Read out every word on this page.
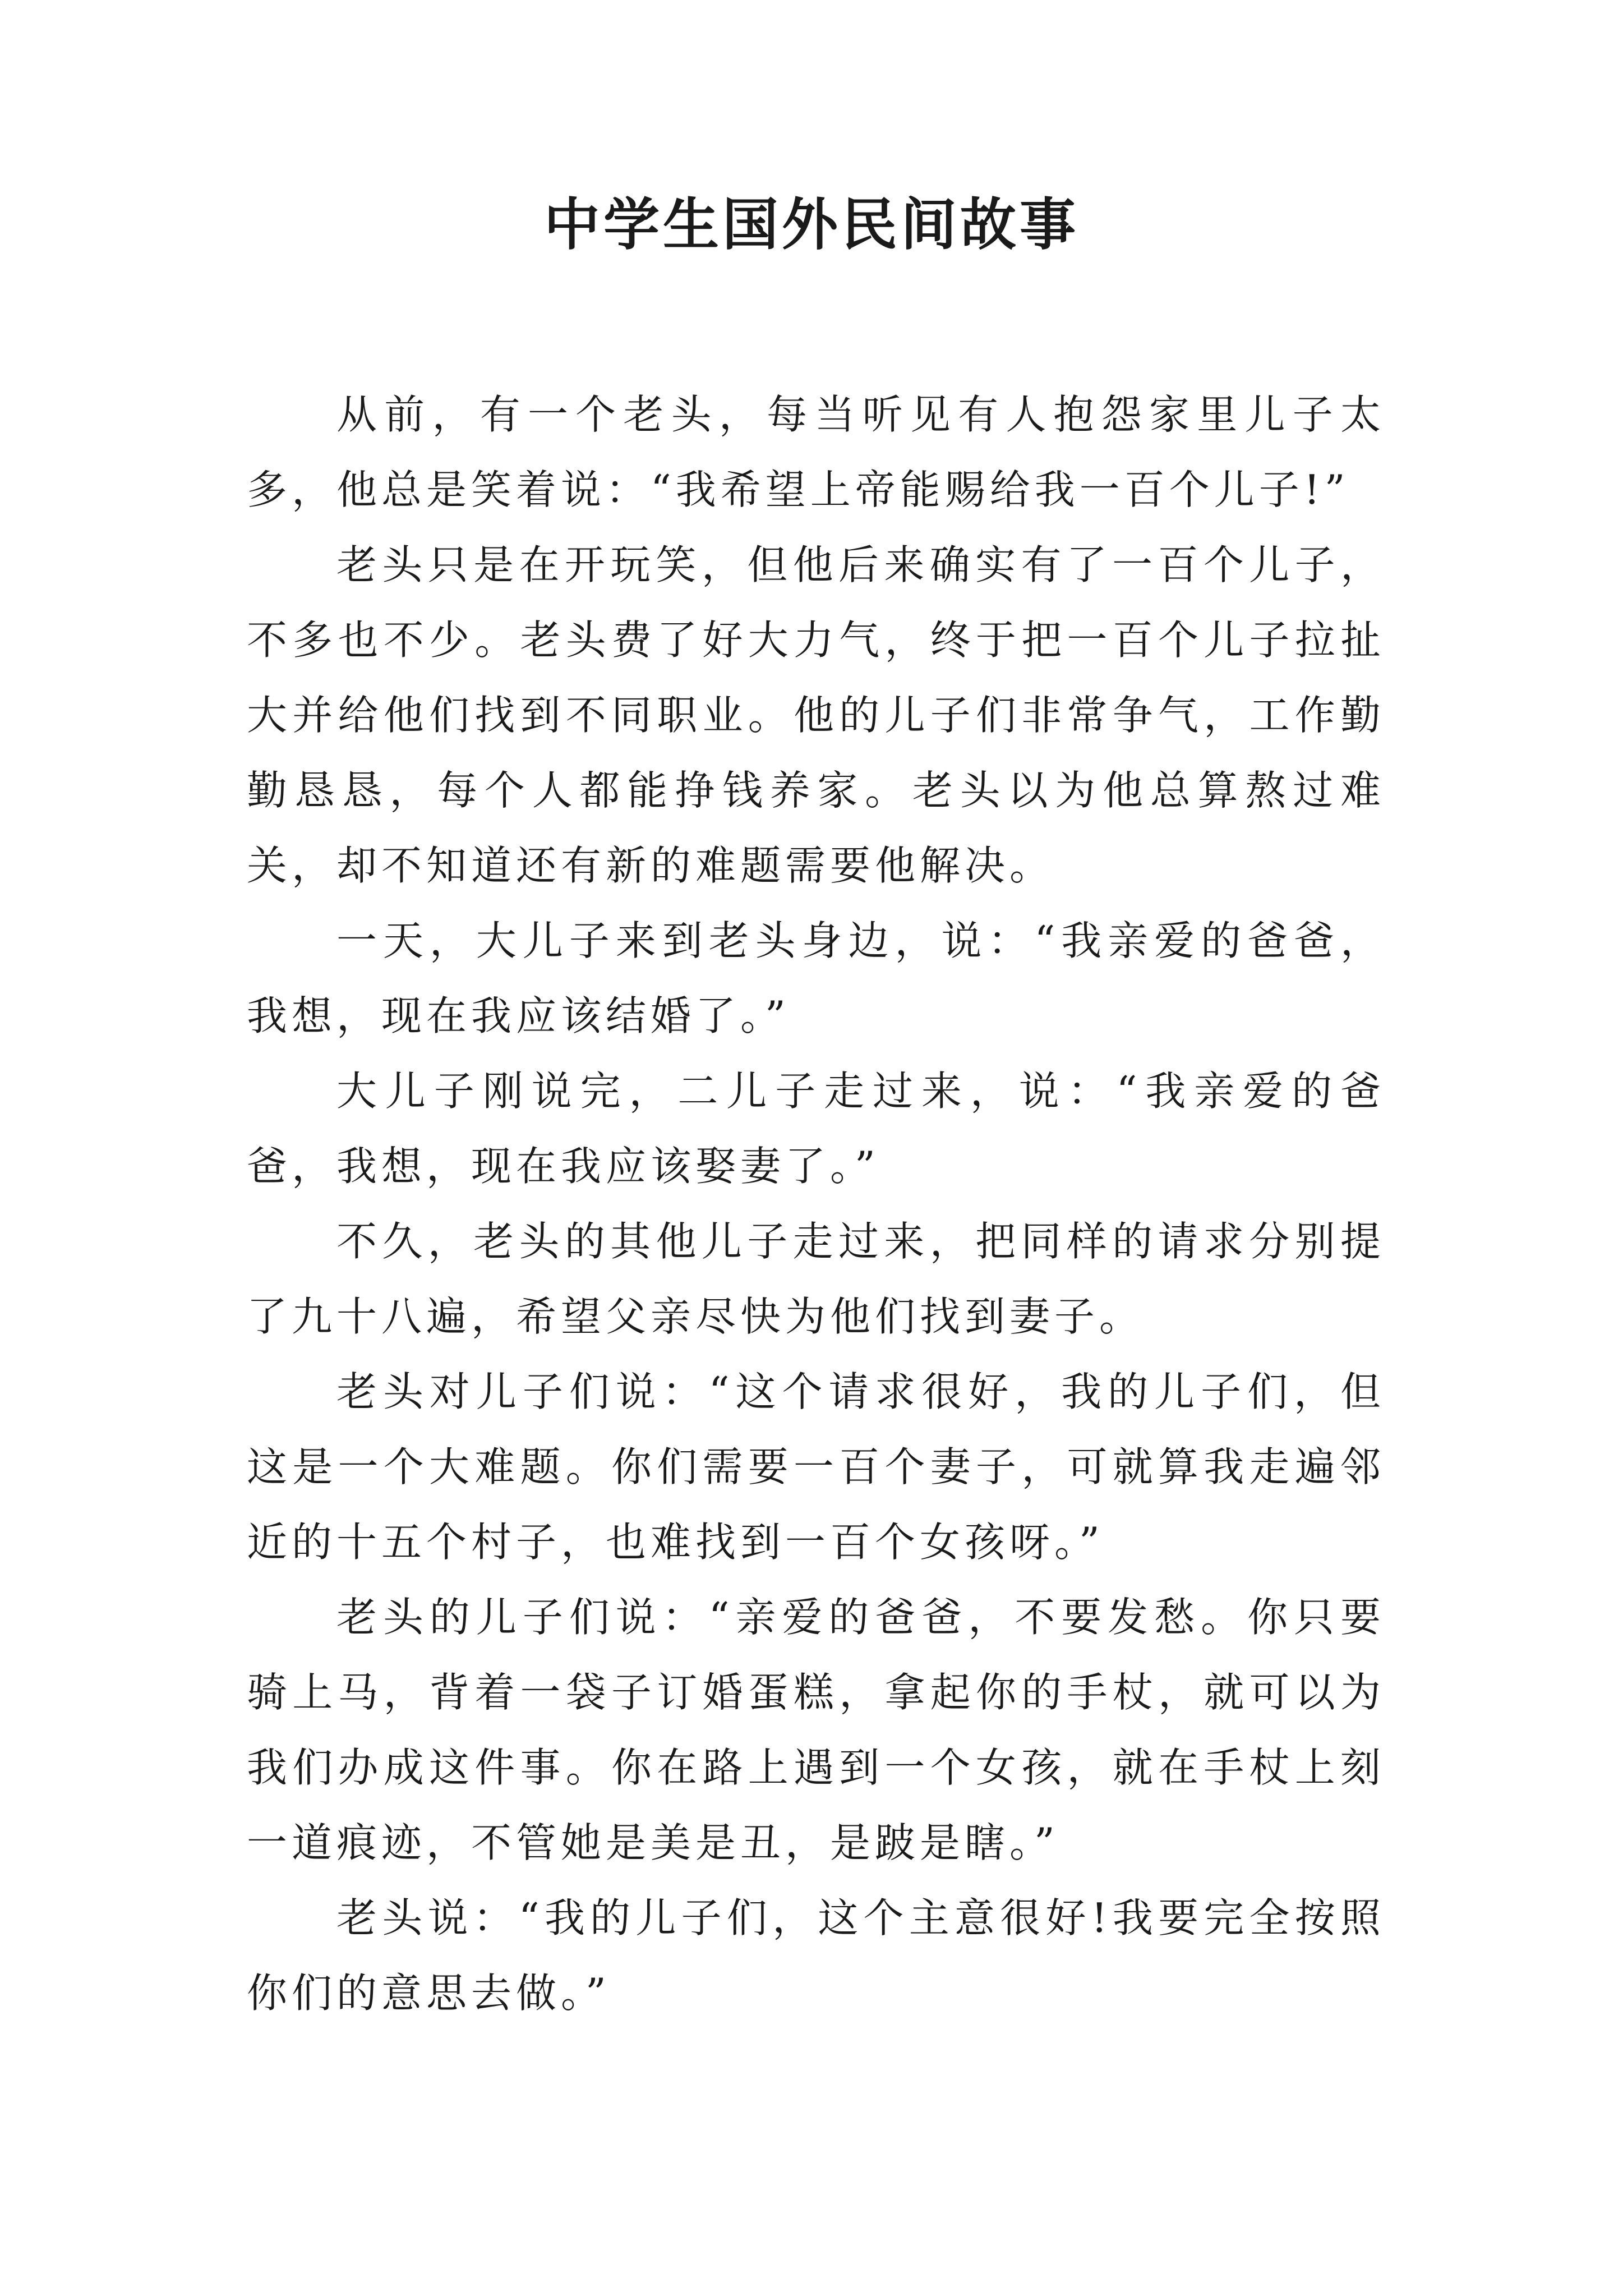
中学生国外民间故事

从前，有一个老头，每当听见有人抱怨家里儿子太多，他总是笑着说：“我希望上帝能赐给我一百个儿子!”

老头只是在开玩笑，但他后来确实有了一百个儿子，不多也不少。老头费了好大力气，终于把一百个儿子拉扯大并给他们找到不同职业。他的儿子们非常争气，工作勤勤恳恳，每个人都能挣钱养家。老头以为他总算熬过难关，却不知道还有新的难题需要他解决。

一天，大儿子来到老头身边，说：“我亲爱的爸爸，我想，现在我应该结婚了。”

大儿子刚说完，二儿子走过来，说：“我亲爱的爸爸，我想，现在我应该娶妻了。”

不久，老头的其他儿子走过来，把同样的请求分别提了九十八遍，希望父亲尽快为他们找到妻子。

老头对儿子们说：“这个请求很好，我的儿子们，但这是一个大难题。你们需要一百个妻子，可就算我走遍邻近的十五个村子，也难找到一百个女孩呀。”

老头的儿子们说：“亲爱的爸爸，不要发愁。你只要骑上马，背着一袋子订婚蛋糕，拿起你的手杖，就可以为我们办成这件事。你在路上遇到一个女孩，就在手杖上刻一道痕迹，不管她是美是丑，是跛是瞎。”

老头说：“我的儿子们，这个主意很好!我要完全按照你们的意思去做。”
